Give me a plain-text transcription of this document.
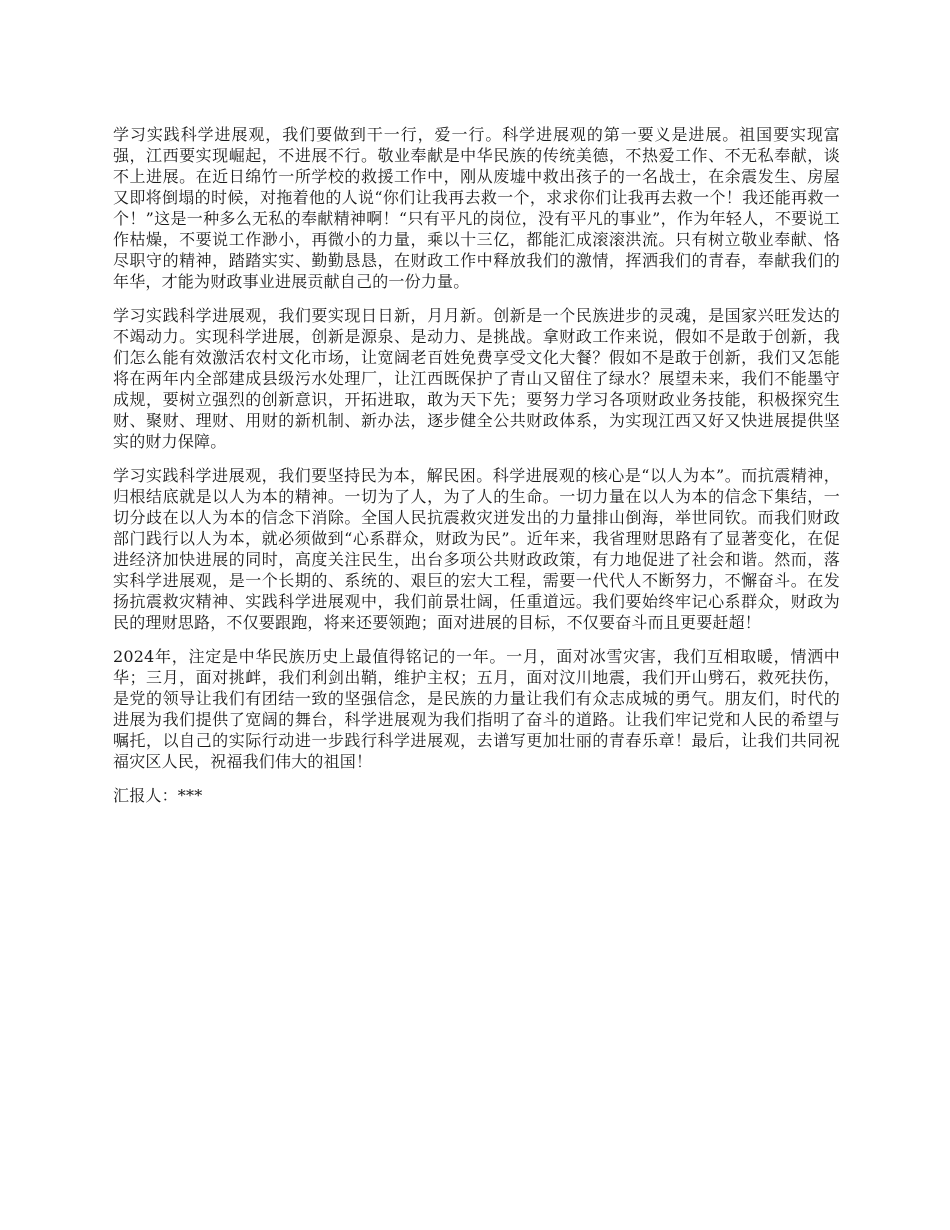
学习实践科学进展观，我们要做到干一行，爱一行。科学进展观的第一要义是进展。祖国要实现富强，江西要实现崛起，不进展不行。敬业奉献是中华民族的传统美德，不热爱工作、不无私奉献，谈不上进展。在近日绵竹一所学校的救援工作中，刚从废墟中救出孩子的一名战士，在余震发生、房屋又即将倒塌的时候，对拖着他的人说“你们让我再去救一个，求求你们让我再去救一个！我还能再救一个！”这是一种多么无私的奉献精神啊！“只有平凡的岗位，没有平凡的事业”，作为年轻人，不要说工作枯燥，不要说工作渺小，再微小的力量，乘以十三亿，都能汇成滚滚洪流。只有树立敬业奉献、恪尽职守的精神，踏踏实实、勤勤恳恳，在财政工作中释放我们的激情，挥洒我们的青春，奉献我们的年华，才能为财政事业进展贡献自己的一份力量。

学习实践科学进展观，我们要实现日日新，月月新。创新是一个民族进步的灵魂，是国家兴旺发达的不竭动力。实现科学进展，创新是源泉、是动力、是挑战。拿财政工作来说，假如不是敢于创新，我们怎么能有效激活农村文化市场，让宽阔老百姓免费享受文化大餐？假如不是敢于创新，我们又怎能将在两年内全部建成县级污水处理厂，让江西既保护了青山又留住了绿水？展望未来，我们不能墨守成规，要树立强烈的创新意识，开拓进取，敢为天下先；要努力学习各项财政业务技能，积极探究生财、聚财、理财、用财的新机制、新办法，逐步健全公共财政体系，为实现江西又好又快进展提供坚实的财力保障。

学习实践科学进展观，我们要坚持民为本，解民困。科学进展观的核心是“以人为本”。而抗震精神，归根结底就是以人为本的精神。一切为了人，为了人的生命。一切力量在以人为本的信念下集结，一切分歧在以人为本的信念下消除。全国人民抗震救灾迸发出的力量排山倒海，举世同钦。而我们财政部门践行以人为本，就必须做到“心系群众，财政为民”。近年来，我省理财思路有了显著变化，在促进经济加快进展的同时，高度关注民生，出台多项公共财政政策，有力地促进了社会和谐。然而，落实科学进展观，是一个长期的、系统的、艰巨的宏大工程，需要一代代人不断努力，不懈奋斗。在发扬抗震救灾精神、实践科学进展观中，我们前景壮阔，任重道远。我们要始终牢记心系群众，财政为民的理财思路，不仅要跟跑，将来还要领跑；面对进展的目标，不仅要奋斗而且更要赶超！

2024年，注定是中华民族历史上最值得铭记的一年。一月，面对冰雪灾害，我们互相取暖，情洒中华；三月，面对挑衅，我们利剑出鞘，维护主权；五月，面对汶川地震，我们开山劈石，救死扶伤，是党的领导让我们有团结一致的坚强信念，是民族的力量让我们有众志成城的勇气。朋友们，时代的进展为我们提供了宽阔的舞台，科学进展观为我们指明了奋斗的道路。让我们牢记党和人民的希望与嘱托，以自己的实际行动进一步践行科学进展观，去谱写更加壮丽的青春乐章！最后，让我们共同祝福灾区人民，祝福我们伟大的祖国！

汇报人：***
